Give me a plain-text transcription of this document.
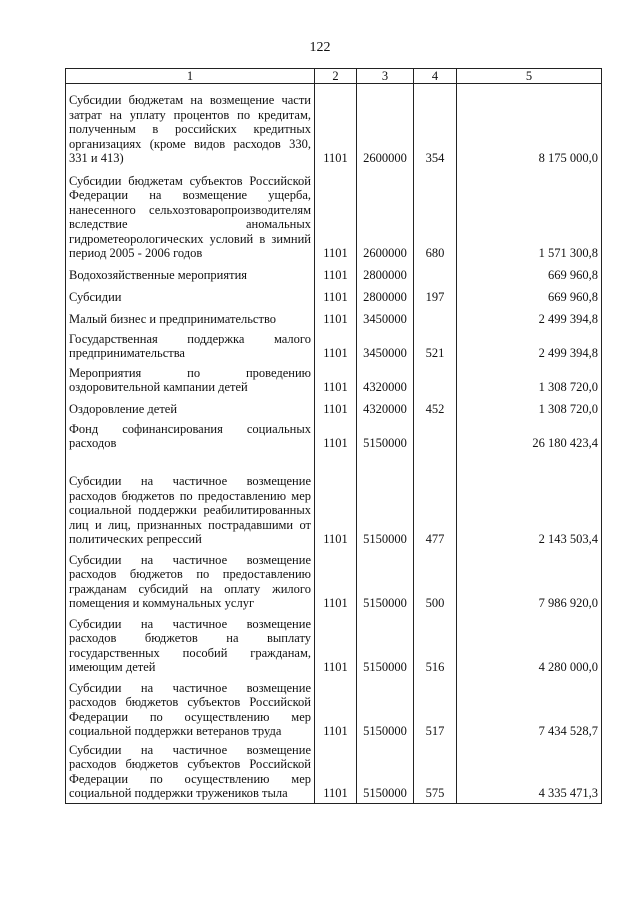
122
1	2	3	4	5
Субсидии бюджетам на возмещение части затрат на уплату процентов по кредитам, полученным в российских кредитных организациях (кроме видов расходов 330, 331 и 413)	1101	2600000	354	8 175 000,0
Субсидии бюджетам субъектов Российской Федерации на возмещение ущерба, нанесенного сельхозтоваропроизводителям вследствие аномальных гидрометеорологических условий в зимний период 2005 - 2006 годов	1101	2600000	680	1 571 300,8
Водохозяйственные мероприятия	1101	2800000		669 960,8
Субсидии	1101	2800000	197	669 960,8
Малый бизнес и предпринимательство	1101	3450000		2 499 394,8
Государственная поддержка малого предпринимательства	1101	3450000	521	2 499 394,8
Мероприятия по проведению оздоровительной кампании детей	1101	4320000		1 308 720,0
Оздоровление детей	1101	4320000	452	1 308 720,0
Фонд софинансирования социальных расходов	1101	5150000		26 180 423,4
Субсидии на частичное возмещение расходов бюджетов по предоставлению мер социальной поддержки реабилитированных лиц и лиц, признанных пострадавшими от политических репрессий	1101	5150000	477	2 143 503,4
Субсидии на частичное возмещение расходов бюджетов по предоставлению гражданам субсидий на оплату жилого помещения и коммунальных услуг	1101	5150000	500	7 986 920,0
Субсидии на частичное возмещение расходов бюджетов на выплату государственных пособий гражданам, имеющим детей	1101	5150000	516	4 280 000,0
Субсидии на частичное возмещение расходов бюджетов субъектов Российской Федерации по осуществлению мер социальной поддержки ветеранов труда	1101	5150000	517	7 434 528,7
Субсидии на частичное возмещение расходов бюджетов субъектов Российской Федерации по осуществлению мер социальной поддержки тружеников тыла	1101	5150000	575	4 335 471,3
